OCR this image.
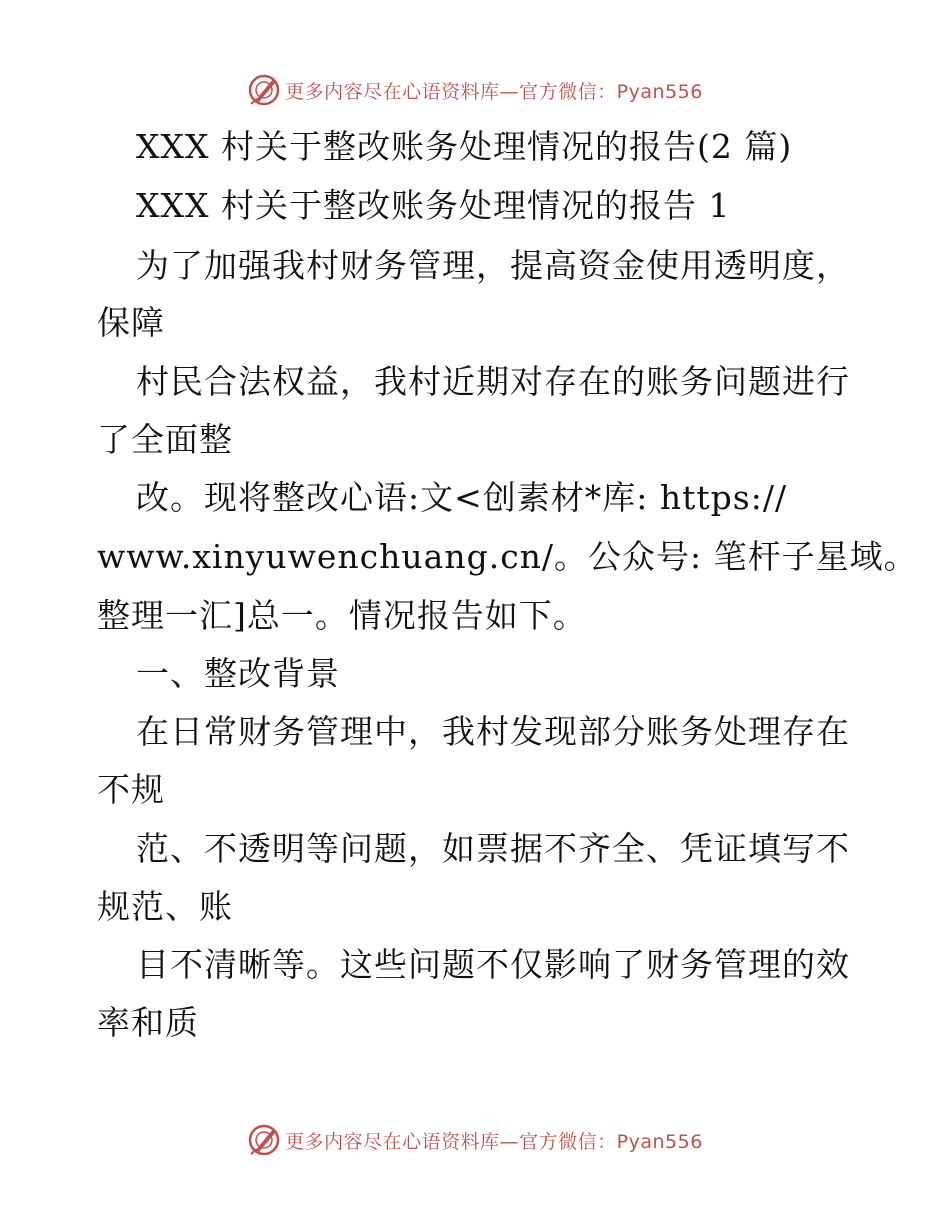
更多内容尽在心语资料库—官方微信：Pyan556
XXX 村关于整改账务处理情况的报告(2 篇)
XXX 村关于整改账务处理情况的报告 1
为了加强我村财务管理，提高资金使用透明度，
保障
村民合法权益，我村近期对存在的账务问题进行
了全面整
改。现将整改心语:文<创素材*库: https://
www.xinyuwenchuang.cn/。公众号: 笔杆子星域。
整理一汇]总一。情况报告如下。
一、整改背景
在日常财务管理中，我村发现部分账务处理存在
不规
范、不透明等问题，如票据不齐全、凭证填写不
规范、账
目不清晰等。这些问题不仅影响了财务管理的效
率和质
更多内容尽在心语资料库—官方微信：Pyan556
